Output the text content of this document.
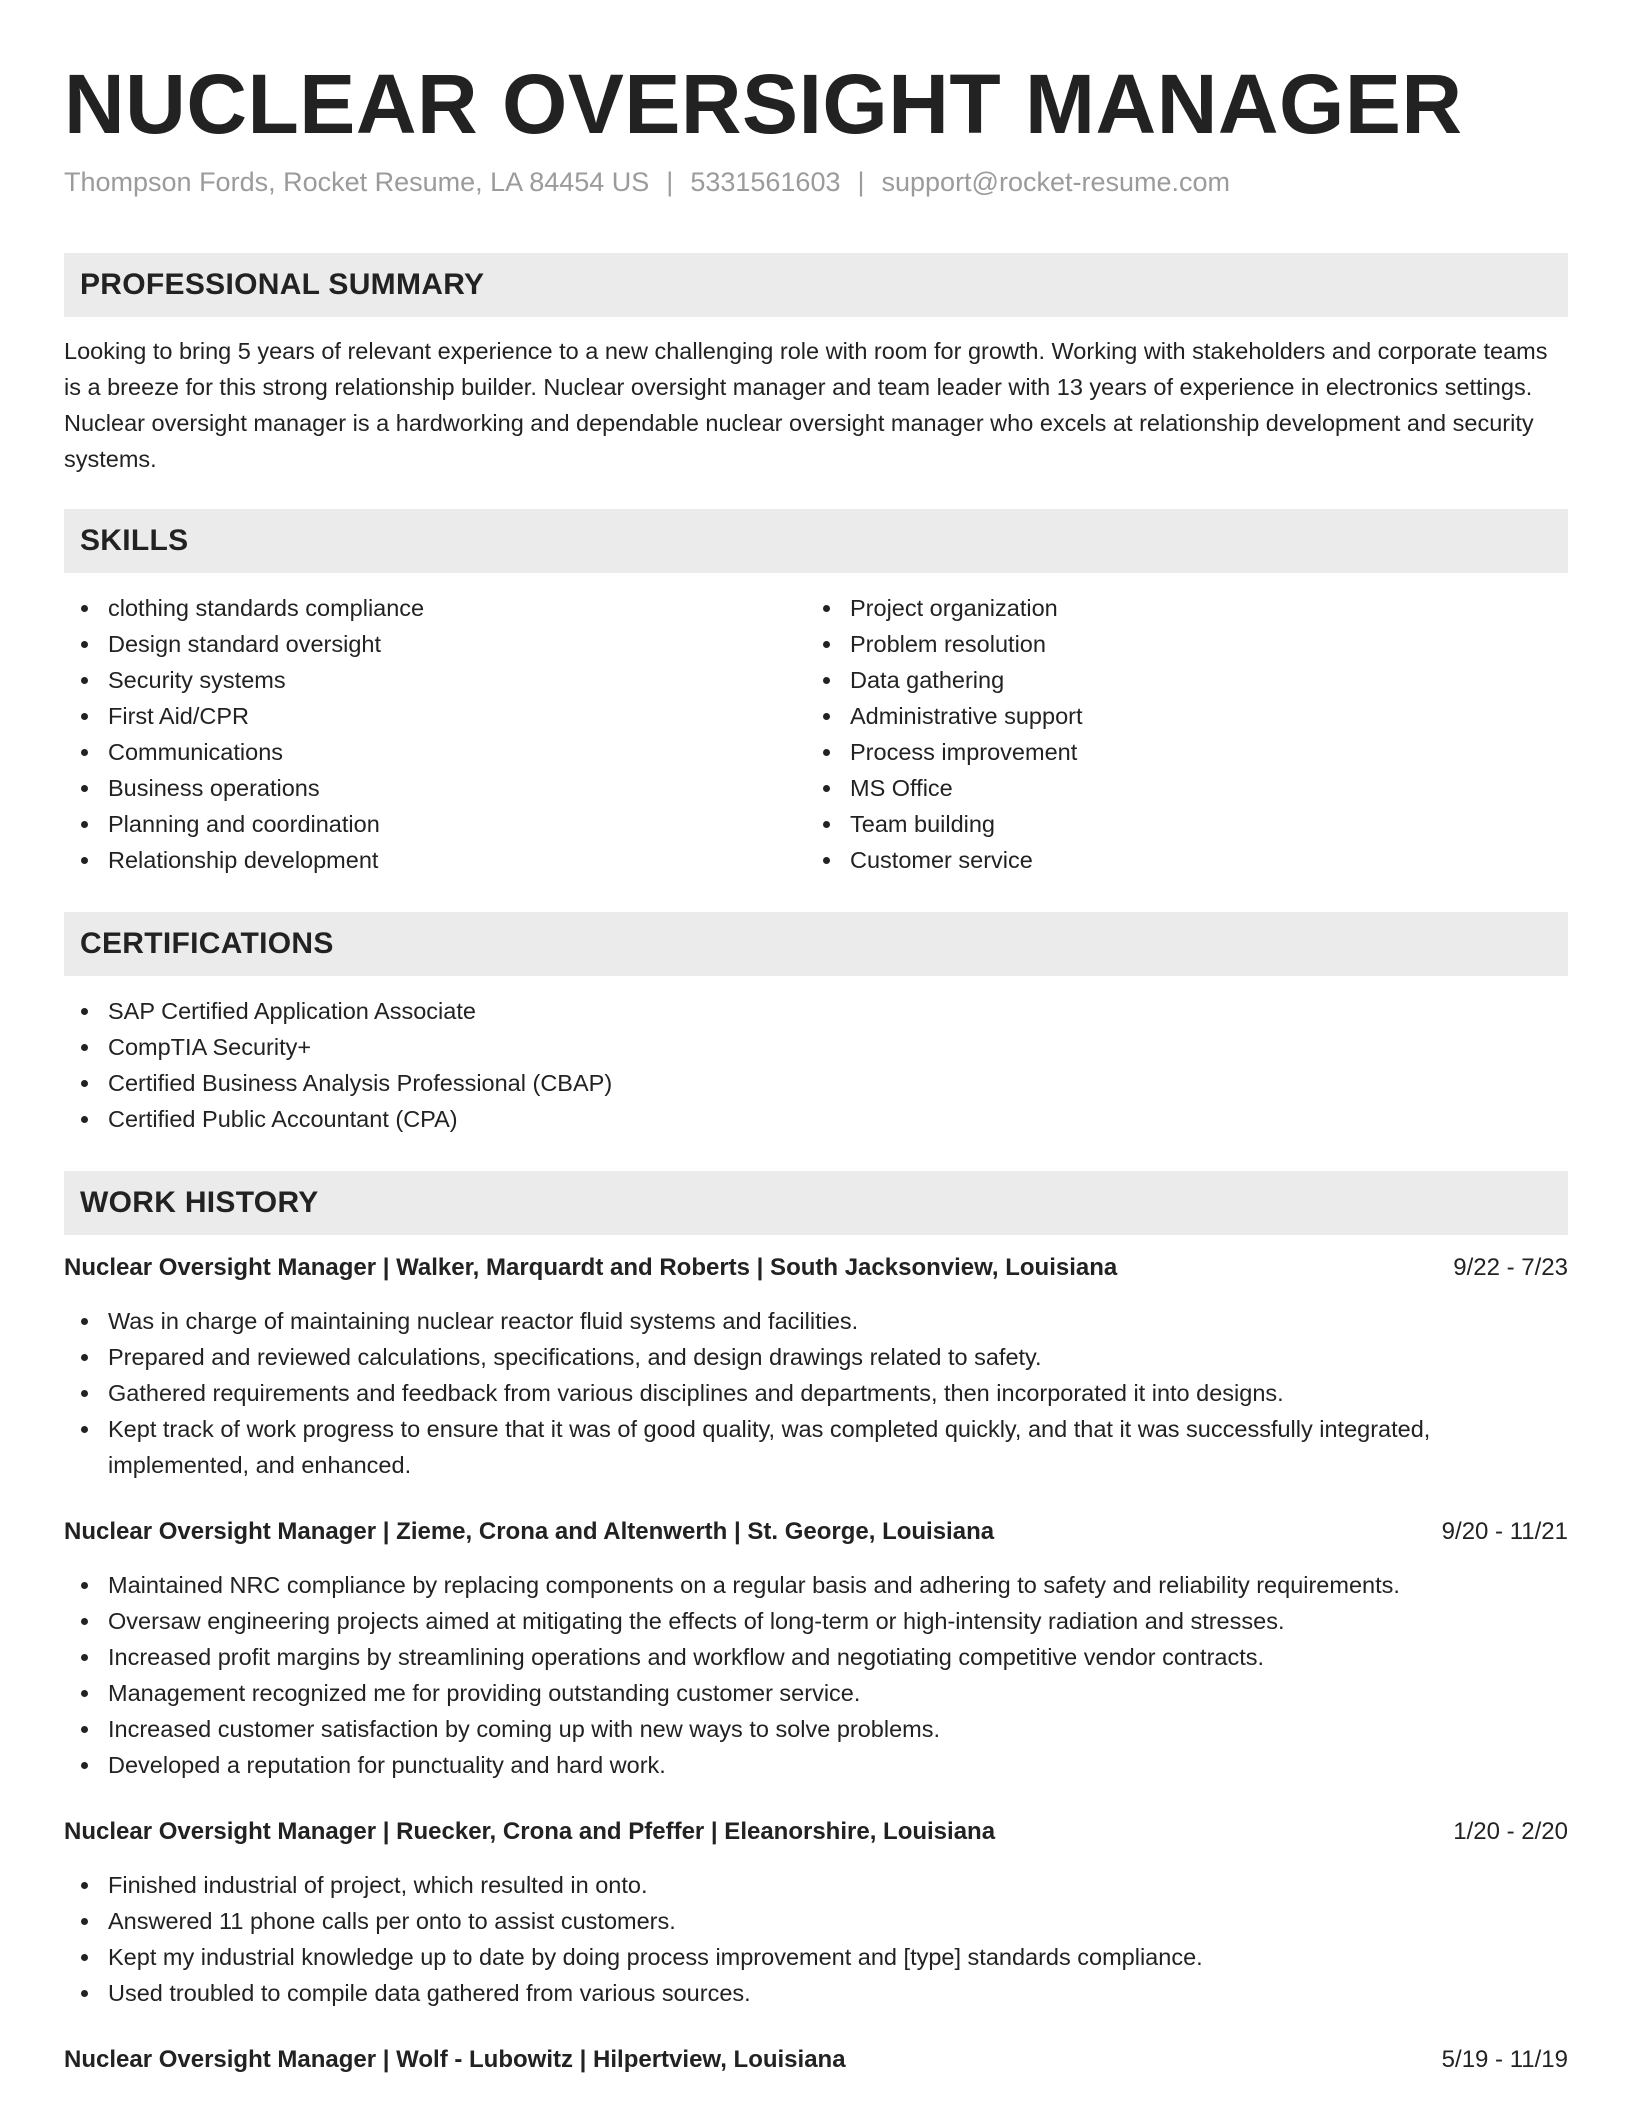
NUCLEAR OVERSIGHT MANAGER
Thompson Fords, Rocket Resume, LA 84454 US | 5331561603 | support@rocket-resume.com
PROFESSIONAL SUMMARY

Looking to bring 5 years of relevant experience to a new challenging role with room for growth. Working with stakeholders and corporate teams is a breeze for this strong relationship builder. Nuclear oversight manager and team leader with 13 years of experience in electronics settings. Nuclear oversight manager is a hardworking and dependable nuclear oversight manager who excels at relationship development and security systems.

SKILLS
clothing standards compliance
Design standard oversight
Security systems
First Aid/CPR
Communications
Business operations
Planning and coordination
Relationship development
Project organization
Problem resolution
Data gathering
Administrative support
Process improvement
MS Office
Team building
Customer service
CERTIFICATIONS
SAP Certified Application Associate
CompTIA Security+
Certified Business Analysis Professional (CBAP)
Certified Public Accountant (CPA)
WORK HISTORY
Nuclear Oversight Manager | Walker, Marquardt and Roberts | South Jacksonview, Louisiana	9/22 - 7/23
Was in charge of maintaining nuclear reactor fluid systems and facilities.
Prepared and reviewed calculations, specifications, and design drawings related to safety.
Gathered requirements and feedback from various disciplines and departments, then incorporated it into designs.
Kept track of work progress to ensure that it was of good quality, was completed quickly, and that it was successfully integrated, implemented, and enhanced.
Nuclear Oversight Manager | Zieme, Crona and Altenwerth | St. George, Louisiana	9/20 - 11/21
Maintained NRC compliance by replacing components on a regular basis and adhering to safety and reliability requirements.
Oversaw engineering projects aimed at mitigating the effects of long-term or high-intensity radiation and stresses.
Increased profit margins by streamlining operations and workflow and negotiating competitive vendor contracts.
Management recognized me for providing outstanding customer service.
Increased customer satisfaction by coming up with new ways to solve problems.
Developed a reputation for punctuality and hard work.
Nuclear Oversight Manager | Ruecker, Crona and Pfeffer | Eleanorshire, Louisiana	1/20 - 2/20
Finished industrial of project, which resulted in onto.
Answered 11 phone calls per onto to assist customers.
Kept my industrial knowledge up to date by doing process improvement and [type] standards compliance.
Used troubled to compile data gathered from various sources.
Nuclear Oversight Manager | Wolf - Lubowitz | Hilpertview, Louisiana	5/19 - 11/19
